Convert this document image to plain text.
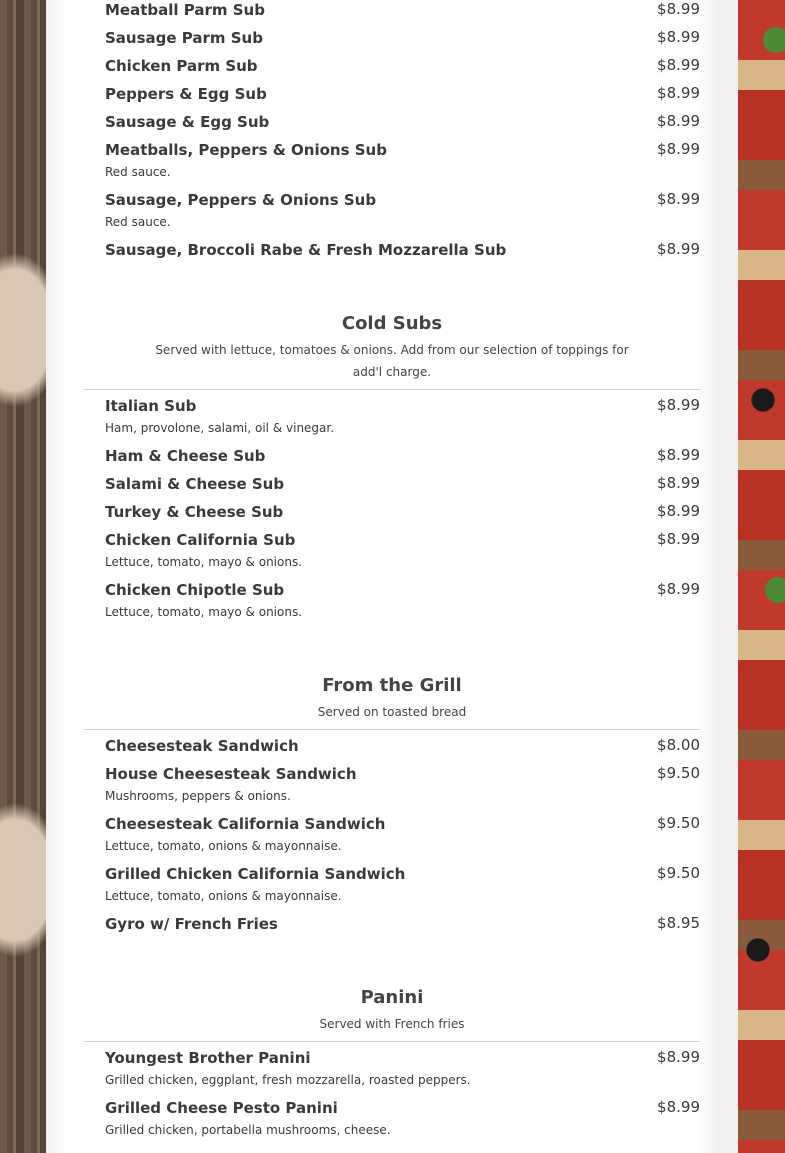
Meatball Parm Sub	$8.99
Sausage Parm Sub	$8.99
Chicken Parm Sub	$8.99
Peppers & Egg Sub	$8.99
Sausage & Egg Sub	$8.99
Meatballs, Peppers & Onions Sub	$8.99
Red sauce.
Sausage, Peppers & Onions Sub	$8.99
Red sauce.
Sausage, Broccoli Rabe & Fresh Mozzarella Sub	$8.99
Cold Subs
Served with lettuce, tomatoes & onions. Add from our selection of toppings for add'l charge.
Italian Sub	$8.99
Ham, provolone, salami, oil & vinegar.
Ham & Cheese Sub	$8.99
Salami & Cheese Sub	$8.99
Turkey & Cheese Sub	$8.99
Chicken California Sub	$8.99
Lettuce, tomato, mayo & onions.
Chicken Chipotle Sub	$8.99
Lettuce, tomato, mayo & onions.
From the Grill
Served on toasted bread
Cheesesteak Sandwich	$8.00
House Cheesesteak Sandwich	$9.50
Mushrooms, peppers & onions.
Cheesesteak California Sandwich	$9.50
Lettuce, tomato, onions & mayonnaise.
Grilled Chicken California Sandwich	$9.50
Lettuce, tomato, onions & mayonnaise.
Gyro w/ French Fries	$8.95
Panini
Served with French fries
Youngest Brother Panini	$8.99
Grilled chicken, eggplant, fresh mozzarella, roasted peppers.
Grilled Cheese Pesto Panini	$8.99
Grilled chicken, portabella mushrooms, cheese.
